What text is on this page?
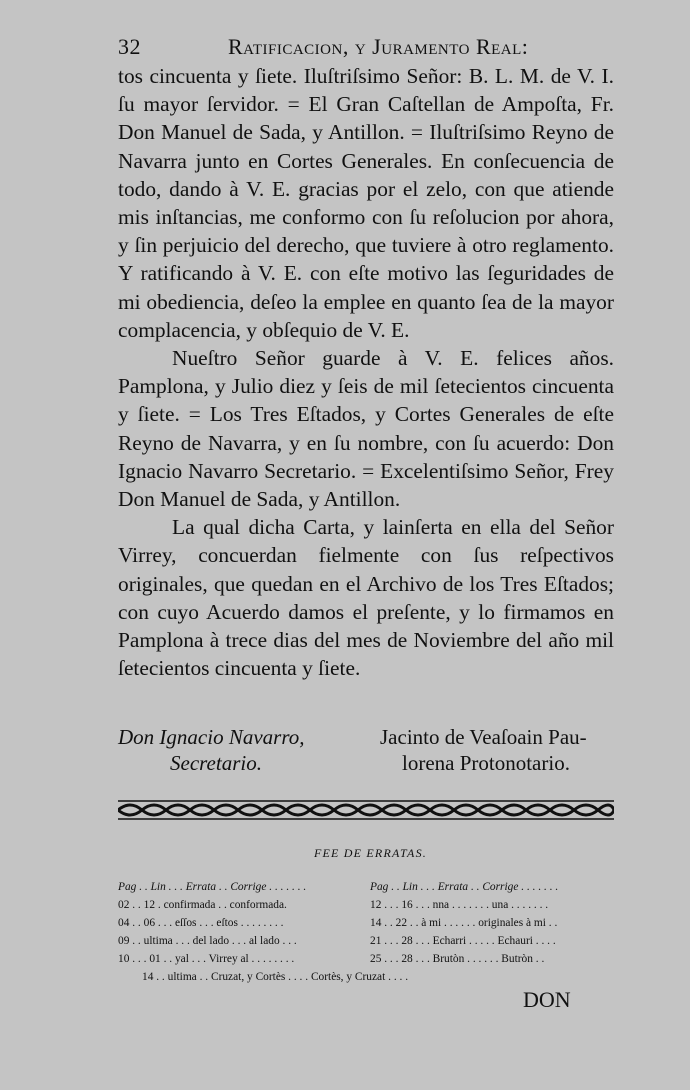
32	Ratificacion, y Juramento Real:

tos cincuenta y ſiete. Iluſtriſsimo Señor: B. L. M. de V. I. ſu mayor ſervidor. = El Gran Caſtellan de Ampoſta, Fr. Don Manuel de Sada, y Antillon. = Iluſtriſsimo Reyno de Navarra junto en Cortes Generales. En conſecuencia de todo, dando à V. E. gracias por el zelo, con que atiende mis inſtancias, me conformo con ſu reſolucion por ahora, y ſin perjuicio del derecho, que tuviere à otro reglamento. Y ratificando à V. E. con eſte motivo las ſeguridades de mi obediencia, deſeo la emplee en quanto ſea de la mayor complacencia, y obſequio de V. E.

Nueſtro Señor guarde à V. E. felices años. Pamplona, y Julio diez y ſeis de mil ſetecientos cincuenta y ſiete. = Los Tres Eſtados, y Cortes Generales de eſte Reyno de Navarra, y en ſu nombre, con ſu acuerdo: Don Ignacio Navarro Secretario. = Excelentiſsimo Señor, Frey Don Manuel de Sada, y Antillon.

La qual dicha Carta, y lainſerta en ella del Señor Virrey, concuerdan fielmente con ſus reſpectivos originales, que quedan en el Archivo de los Tres Eſtados; con cuyo Acuerdo damos el preſente, y lo firmamos en Pamplona à trece dias del mes de Noviembre del año mil ſetecientos cincuenta y ſiete.

Don Ignacio Navarro,
Secretario.
Jacinto de Veaſoain Pau-
lorena Protonotario.
FEE DE ERRATAS.
Pag . . Lin . . . Errata . . Corrige . . . . . . .	Pag . . Lin . . . Errata . . Corrige . . . . . . .
02 . . 12 . confirmada . . conformada.	12 . . . 16 . . . nna . . . . . . . una . . . . . . .
04 . . 06 . . . eſſos . . . eſtos . . . . . . . .	14 . . 22 . . à mi . . . . . . originales à mi . .
09 . . ultima . . . del lado . . . al lado . . .	21 . . . 28 . . . Echarri . . . . . Echauri . . . .
10 . . . 01 . . yal . . . Virrey al . . . . . . . .	25 . . . 28 . . . Brutòn . . . . . . Butròn . .
14 . . ultima . . Cruzat, y Cortès . . . . Cortès, y Cruzat . . . .
DON
